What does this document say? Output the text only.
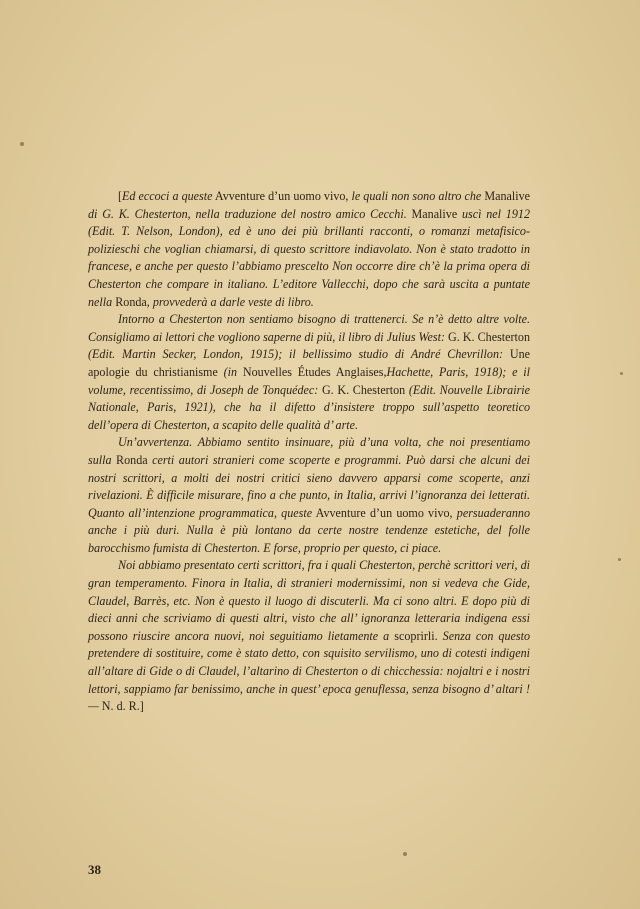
[Ed eccoci a queste Avventure d’un uomo vivo, le quali non sono altro che Manalive di G. K. Chesterton, nella traduzione del nostro amico Cecchi. Manalive uscì nel 1912 (Edit. T. Nelson, London), ed è uno dei più brillanti racconti, o romanzi metafisico-polizieschi che voglian chiamarsi, di questo scrittore indiavolato. Non è stato tradotto in francese, e anche per questo l’abbiamo prescelto Non occorre dire ch’è la prima opera di Chesterton che compare in italiano. L’editore Vallecchi, dopo che sarà uscita a puntate nella Ronda, provvederà a darle veste di libro.

Intorno a Chesterton non sentiamo bisogno di trattenerci. Se n’è detto altre volte. Consigliamo ai lettori che vogliono saperne di più, il libro di Julius West: G. K. Chesterton (Edit. Martin Secker, London, 1915); il bellissimo studio di André Chevrillon: Une apologie du christianisme (in Nouvelles Études Anglaises,Hachette, Paris, 1918); e il volume, recentissimo, di Joseph de Tonquédec: G. K. Chesterton (Edit. Nouvelle Librairie Nationale, Paris, 1921), che ha il difetto d’insistere troppo sull’aspetto teoretico dell’opera di Chesterton, a scapito delle qualità d’ arte.

Un’avvertenza. Abbiamo sentito insinuare, più d’una volta, che noi presentiamo sulla Ronda certi autori stranieri come scoperte e programmi. Può darsi che alcuni dei nostri scrittori, a molti dei nostri critici sieno davvero apparsi come scoperte, anzi rivelazioni. È difficile misurare, fino a che punto, in Italia, arrivi l’ignoranza dei letterati. Quanto all’intenzione programmatica, queste Avventure d’un uomo vivo, persuaderanno anche i più duri. Nulla è più lontano da certe nostre tendenze estetiche, del folle barocchismo fumista di Chesterton. E forse, proprio per questo, ci piace.

Noi abbiamo presentato certi scrittori, fra i quali Chesterton, perchè scrittori veri, di gran temperamento. Finora in Italia, di stranieri modernissimi, non si vedeva che Gide, Claudel, Barrès, etc. Non è questo il luogo di discuterli. Ma ci sono altri. E dopo più di dieci anni che scriviamo di questi altri, visto che all’ ignoranza letteraria indigena essi possono riuscire ancora nuovi, noi seguitiamo lietamente a scoprirli. Senza con questo pretendere di sostituire, come è stato detto, con squisito servilismo, uno di cotesti indigeni all’altare di Gide o di Claudel, l’altarino di Chesterton o di chicchessia: nojaltri e i nostri lettori, sappiamo far benissimo, anche in quest’ epoca genuflessa, senza bisogno d’ altari ! — N. d. R.]

38
